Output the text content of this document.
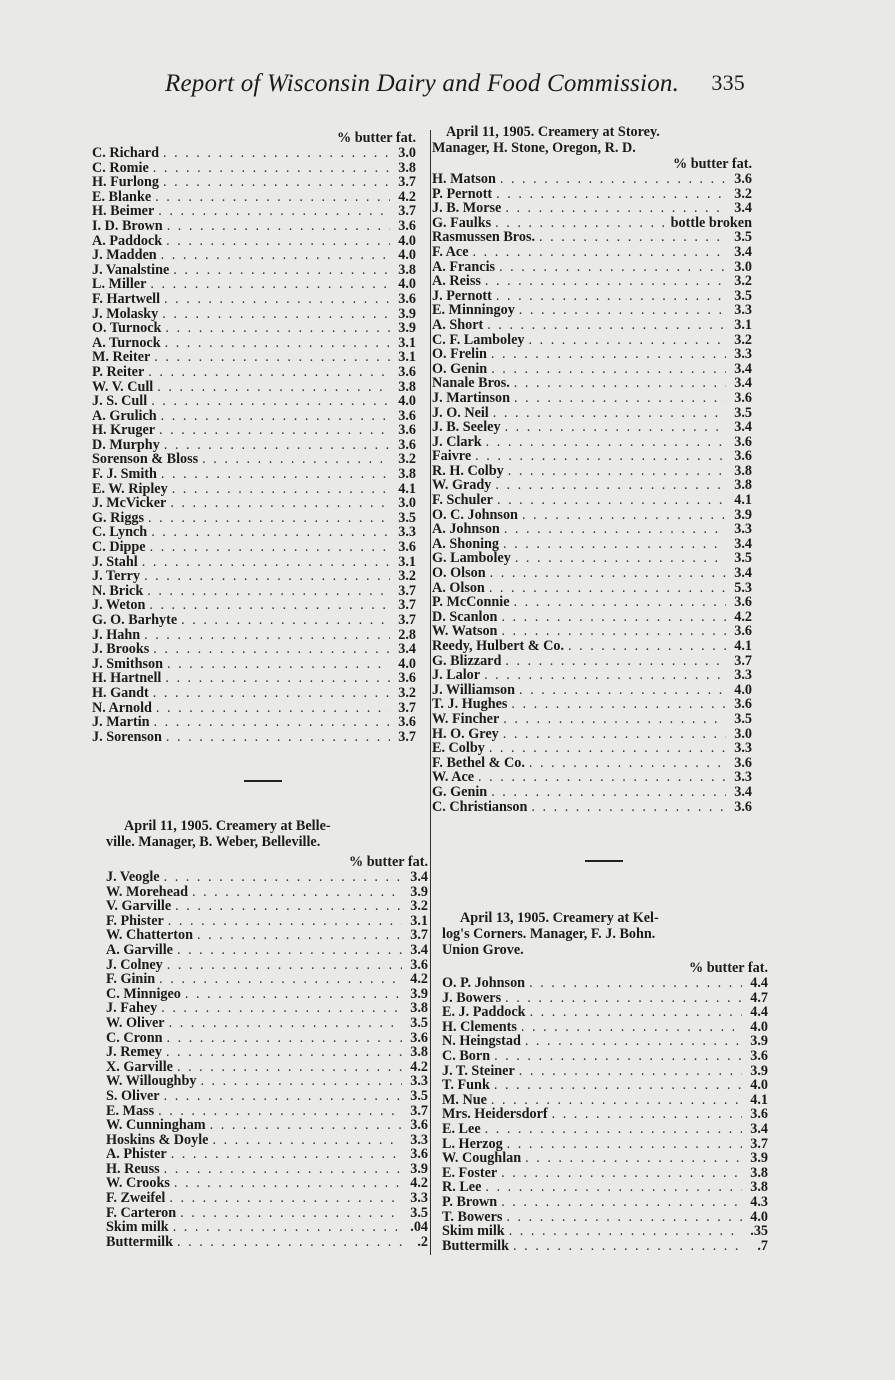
Report of Wisconsin Dairy and Food Commission. 335
% butter fat.
C. Richard . . .	3.0
C. Romie . . .	3.8
H. Furlong . . .	3.7
E. Blanke . . .	4.2
H. Beimer . . .	3.7
I. D. Brown . . .	3.6
A. Paddock . . .	4.0
J. Madden . . .	4.0
J. Vanalstine . . .	3.8
L. Miller . . .	4.0
F. Hartwell . . .	3.6
J. Molasky . . .	3.9
O. Turnock . . .	3.9
A. Turnock . . .	3.1
M. Reiter . . .	3.1
P. Reiter . . .	3.6
W. V. Cull . . .	3.8
J. S. Cull . . .	4.0
A. Grulich . . .	3.6
H. Kruger . . .	3.6
D. Murphy . . .	3.6
Sorenson & Bloss . . .	3.2
F. J. Smith . . .	3.8
E. W. Ripley . . .	4.1
J. McVicker . . .	3.0
G. Riggs . . .	3.5
C. Lynch . . .	3.3
C. Dippe . . .	3.6
J. Stahl . . .	3.1
J. Terry . . .	3.2
N. Brick . . .	3.7
J. Weton . . .	3.7
G. O. Barhyte . . .	3.7
J. Hahn . . .	2.8
J. Brooks . . .	3.4
J. Smithson . . .	4.0
H. Hartnell . . .	3.6
H. Gandt . . .	3.2
N. Arnold . . .	3.7
J. Martin . . .	3.6
J. Sorenson . . .	3.7
April 11, 1905. Creamery at Belle-
ville. Manager, B. Weber, Belleville.
% butter fat.
J. Veogle . . .	3.4
W. Morehead . . .	3.9
V. Garville . . .	3.2
F. Phister . . .	3.1
W. Chatterton . . .	3.7
A. Garville . . .	3.4
J. Colney . . .	3.6
F. Ginin . . .	4.2
C. Minnigeo . . .	3.9
J. Fahey . . .	3.8
W. Oliver . . .	3.5
C. Cronn . . .	3.6
J. Remey . . .	3.8
X. Garville . . .	4.2
W. Willoughby . . .	3.3
S. Oliver . . .	3.5
E. Mass . . .	3.7
W. Cunningham . . .	3.6
Hoskins & Doyle . . .	3.3
A. Phister . . .	3.6
H. Reuss . . .	3.9
W. Crooks . . .	4.2
F. Zweifel . . .	3.3
F. Carteron . . .	3.5
Skim milk . . .	.04
Buttermilk . . .	.2
April 11, 1905. Creamery at Storey.
Manager, H. Stone, Oregon, R. D.
% butter fat.
H. Matson . . .	3.6
P. Pernott . . .	3.2
J. B. Morse . . .	3.4
G. Faulks . . .	bottle broken
Rasmussen Bros. . . .	3.5
F. Ace . . .	3.4
A. Francis . . .	3.0
A. Reiss . . .	3.2
J. Pernott . . .	3.5
E. Minningoy . . .	3.3
A. Short . . .	3.1
C. F. Lamboley . . .	3.2
O. Frelin . . .	3.3
O. Genin . . .	3.4
Nanale Bros. . . .	3.4
J. Martinson . . .	3.6
J. O. Neil . . .	3.5
J. B. Seeley . . .	3.4
J. Clark . . .	3.6
Faivre . . .	3.6
R. H. Colby . . .	3.8
W. Grady . . .	3.8
F. Schuler . . .	4.1
O. C. Johnson . . .	3.9
A. Johnson . . .	3.3
A. Shoning . . .	3.4
G. Lamboley . . .	3.5
O. Olson . . .	3.4
A. Olson . . .	5.3
P. McConnie . . .	3.6
D. Scanlon . . .	4.2
W. Watson . . .	3.6
Reedy, Hulbert & Co. . . .	4.1
G. Blizzard . . .	3.7
J. Lalor . . .	3.3
J. Williamson . . .	4.0
T. J. Hughes . . .	3.6
W. Fincher . . .	3.5
H. O. Grey . . .	3.0
E. Colby . . .	3.3
F. Bethel & Co. . . .	3.6
W. Ace . . .	3.3
G. Genin . . .	3.4
C. Christianson . . .	3.6
April 13, 1905. Creamery at Kel-
log's Corners. Manager, F. J. Bohn.
Union Grove.
% butter fat.
O. P. Johnson . . .	4.4
J. Bowers . . .	4.7
E. J. Paddock . . .	4.4
H. Clements . . .	4.0
N. Heingstad . . .	3.9
C. Born . . .	3.6
J. T. Steiner . . .	3.9
T. Funk . . .	4.0
M. Nue . . .	4.1
Mrs. Heidersdorf . . .	3.6
E. Lee . . .	3.4
L. Herzog . . .	3.7
W. Coughlan . . .	3.9
E. Foster . . .	3.8
R. Lee . . .	3.8
P. Brown . . .	4.3
T. Bowers . . .	4.0
Skim milk . . .	.35
Buttermilk . . .	.7
